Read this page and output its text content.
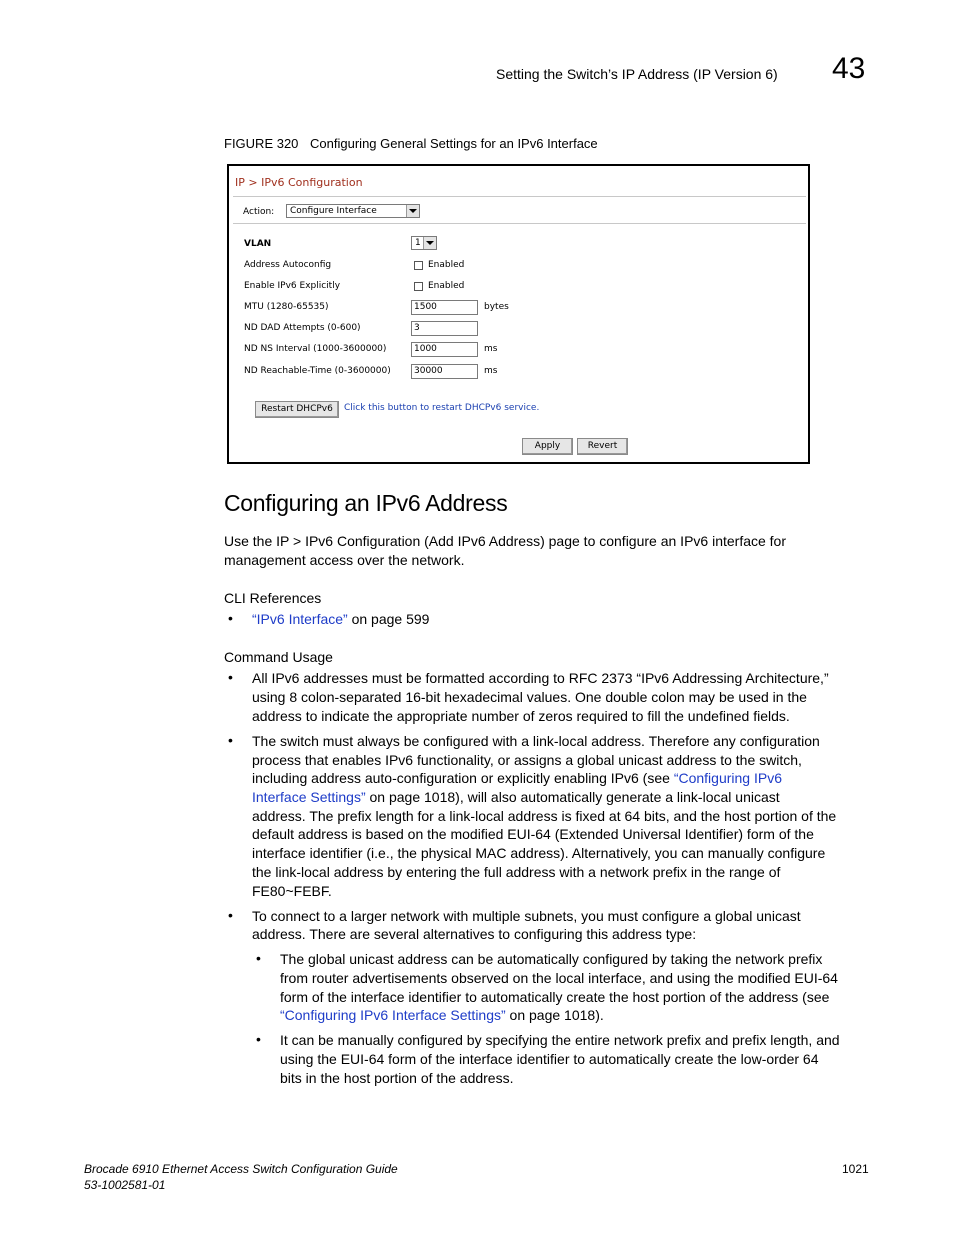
Setting the Switch’s IP Address (IP Version 6) 43
FIGURE 320 Configuring General Settings for an IPv6 Interface
IP > IPv6 Configuration
Action:	Configure Interface
VLAN	1
Address Autoconfig	Enabled
Enable IPv6 Explicitly	Enabled
MTU (1280-65535)	1500	bytes
ND DAD Attempts (0-600)	3
ND NS Interval (1000-3600000)	1000	ms
ND Reachable-Time (0-3600000)	30000	ms
Restart DHCPv6	Click this button to restart DHCPv6 service.
Apply	Revert
Configuring an IPv6 Address
Use the IP > IPv6 Configuration (Add IPv6 Address) page to configure an IPv6 interface for
management access over the network.
CLI References
• “IPv6 Interface” on page 599
Command Usage
• All IPv6 addresses must be formatted according to RFC 2373 “IPv6 Addressing Architecture,”
using 8 colon-separated 16-bit hexadecimal values. One double colon may be used in the
address to indicate the appropriate number of zeros required to fill the undefined fields.
• The switch must always be configured with a link-local address. Therefore any configuration
process that enables IPv6 functionality, or assigns a global unicast address to the switch,
including address auto-configuration or explicitly enabling IPv6 (see “Configuring IPv6
Interface Settings” on page 1018), will also automatically generate a link-local unicast
address. The prefix length for a link-local address is fixed at 64 bits, and the host portion of the
default address is based on the modified EUI-64 (Extended Universal Identifier) form of the
interface identifier (i.e., the physical MAC address). Alternatively, you can manually configure
the link-local address by entering the full address with a network prefix in the range of
FE80~FEBF.
• To connect to a larger network with multiple subnets, you must configure a global unicast
address. There are several alternatives to configuring this address type:
• The global unicast address can be automatically configured by taking the network prefix
from router advertisements observed on the local interface, and using the modified EUI-64
form of the interface identifier to automatically create the host portion of the address (see
“Configuring IPv6 Interface Settings” on page 1018).
• It can be manually configured by specifying the entire network prefix and prefix length, and
using the EUI-64 form of the interface identifier to automatically create the low-order 64
bits in the host portion of the address.
Brocade 6910 Ethernet Access Switch Configuration Guide
53-1002581-01
1021
